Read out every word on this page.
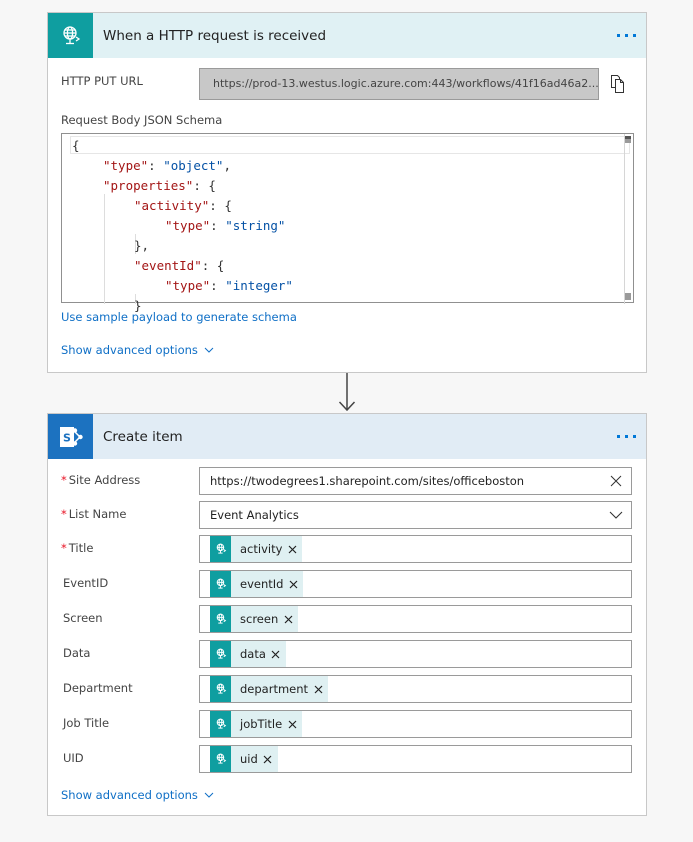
When a HTTP request is received
HTTP PUT URL	https://prod-13.westus.logic.azure.com:443/workflows/41f16ad46a2...
Request Body JSON Schema
{
"type": "object",
"properties": {
"activity": {
"type": "string"
},
"eventId": {
"type": "integer"
}
Use sample payload to generate schema
Show advanced options
S Create item
* Site Address	https://twodegrees1.sharepoint.com/sites/officeboston
* List Name	Event Analytics
* Title	activity
EventID	eventId
Screen	screen
Data	data
Department	department
Job Title	jobTitle
UID	uid
Show advanced options
